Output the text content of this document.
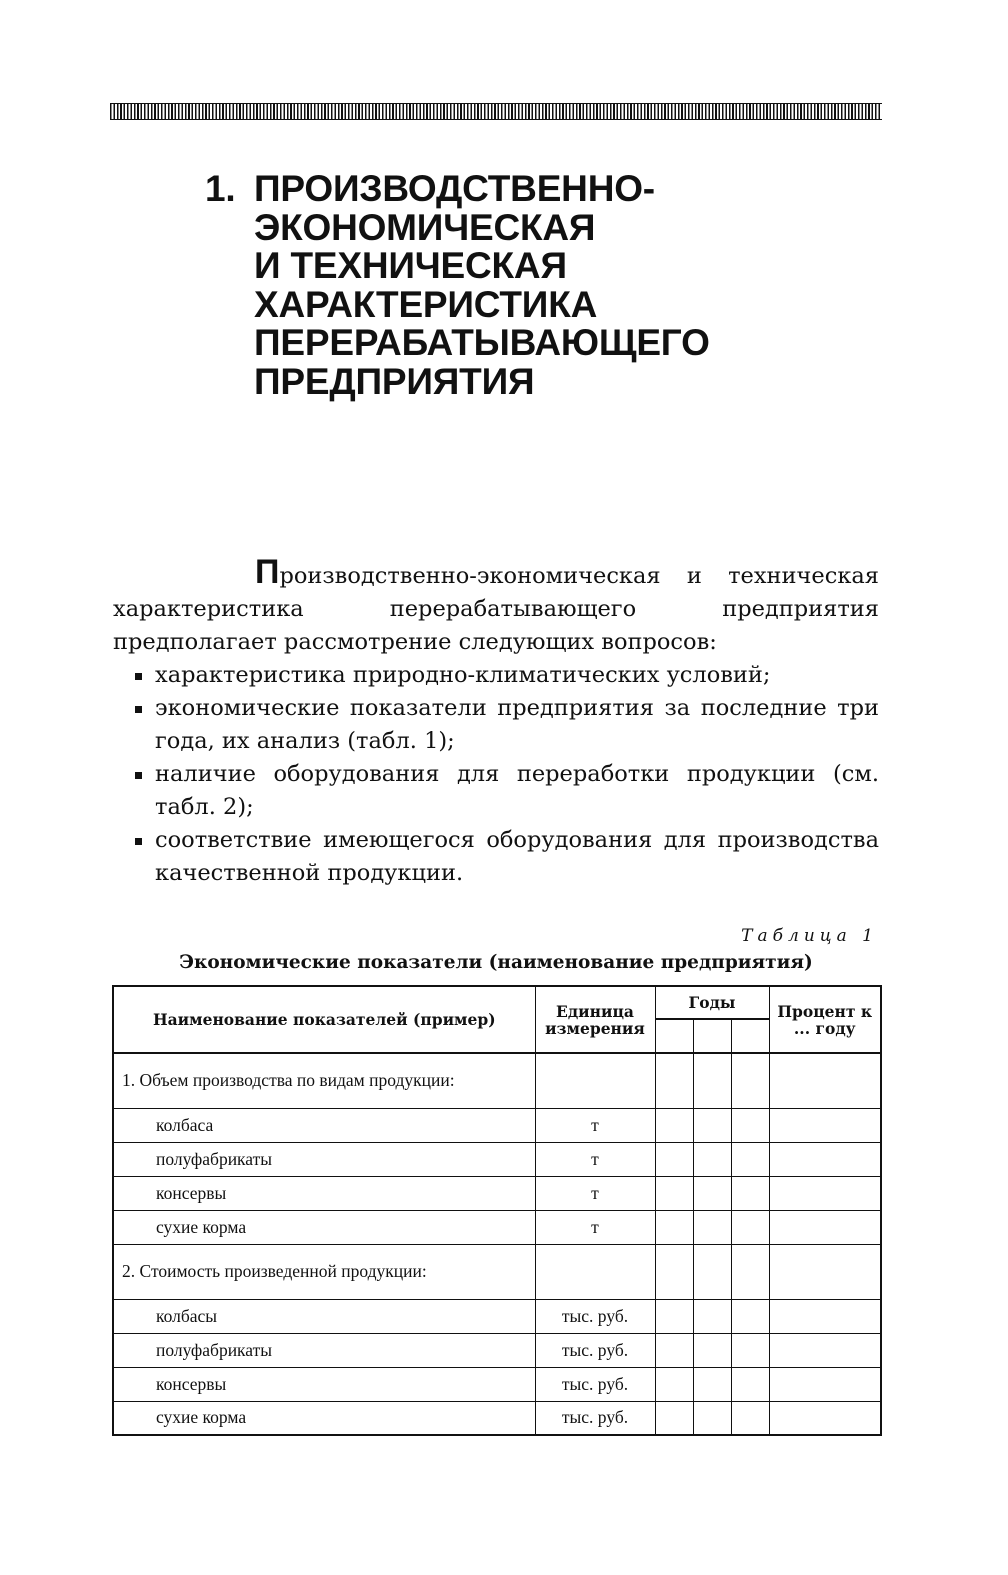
1. ПРОИЗВОДСТВЕННО-
ЭКОНОМИЧЕСКАЯ
И ТЕХНИЧЕСКАЯ
ХАРАКТЕРИСТИКА
ПЕРЕРАБАТЫВАЮЩЕГО
ПРЕДПРИЯТИЯ
Производственно-экономическая и техническая характеристика перерабатывающего предприятия предполагает рассмотрение следующих вопросов:
характеристика природно-климатических условий;
экономические показатели предприятия за последние три года, их анализ (табл. 1);
наличие оборудования для переработки продукции (см. табл. 2);
соответствие имеющегося оборудования для производства качественной продукции.
Таблица 1
Экономические показатели (наименование предприятия)
Наименование показателей (пример)	Единица измерения	Годы			Процент к ... году

1. Объем производства по видам продукции:					
колбаса	т				
полуфабрикаты	т				
консервы	т				
сухие корма	т				
2. Стоимость произведенной продукции:					
колбасы	тыс. руб.				
полуфабрикаты	тыс. руб.				
консервы	тыс. руб.				
сухие корма	тыс. руб.				
